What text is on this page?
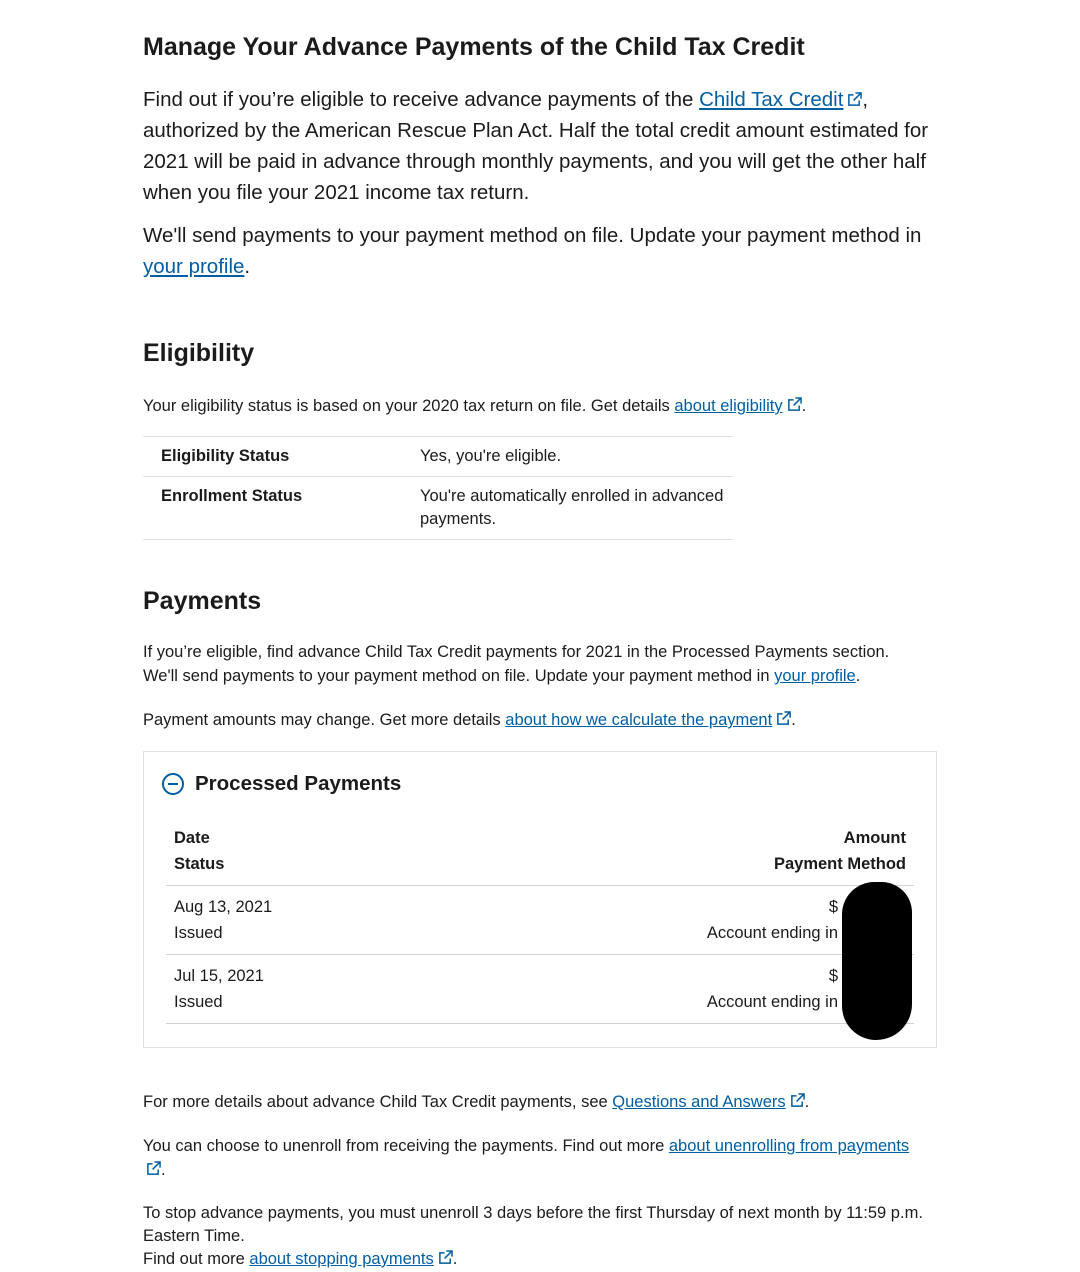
Manage Your Advance Payments of the Child Tax Credit

Find out if you’re eligible to receive advance payments of the Child Tax Credit , authorized by the American Rescue Plan Act. Half the total credit amount estimated for 2021 will be paid in advance through monthly payments, and you will get the other half when you file your 2021 income tax return.

We'll send payments to your payment method on file. Update your payment method in your profile.

Eligibility

Your eligibility status is based on your 2020 tax return on file. Get details about eligibility .

Eligibility Status	Yes, you're eligible.
Enrollment Status	You're automatically enrolled in advanced payments.
Payments

If you’re eligible, find advance Child Tax Credit payments for 2021 in the Processed Payments section.
We'll send payments to your payment method on file. Update your payment method in your profile.

Payment amounts may change. Get more details about how we calculate the payment .

Processed Payments
Date
Status
Amount
Payment Method
Aug 13, 2021
Issued
$
Account ending in
Jul 15, 2021
Issued
$
Account ending in

For more details about advance Child Tax Credit payments, see Questions and Answers .

You can choose to unenroll from receiving the payments. Find out more about unenrolling from payments

.

To stop advance payments, you must unenroll 3 days before the first Thursday of next month by 11:59 p.m. Eastern Time.
Find out more about stopping payments .
